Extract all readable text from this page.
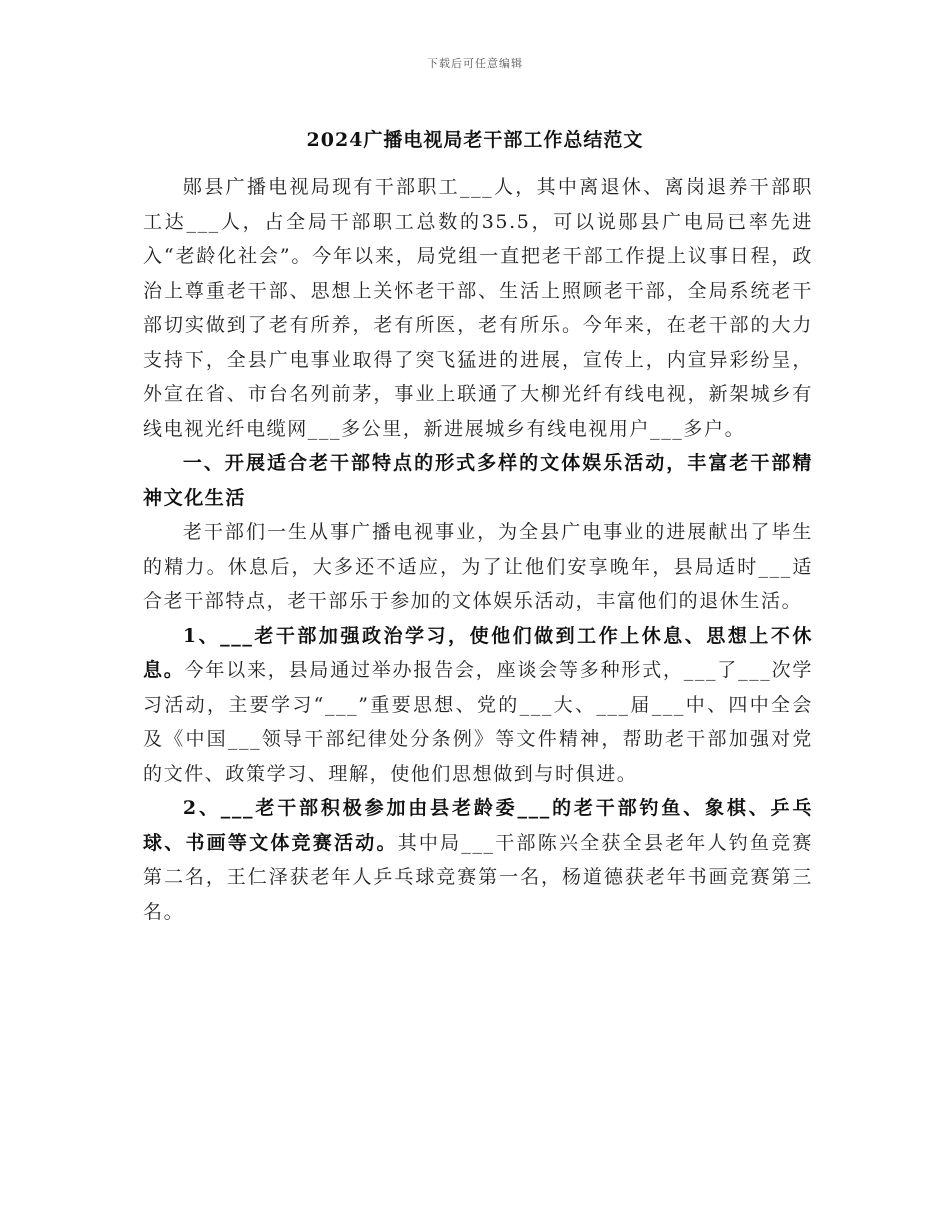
下载后可任意编辑
2024广播电视局老干部工作总结范文

郧县广播电视局现有干部职工___人，其中离退休、离岗退养干部职工达___人，占全局干部职工总数的35.5，可以说郧县广电局已率先进入“老龄化社会”。今年以来，局党组一直把老干部工作提上议事日程，政治上尊重老干部、思想上关怀老干部、生活上照顾老干部，全局系统老干部切实做到了老有所养，老有所医，老有所乐。今年来，在老干部的大力支持下，全县广电事业取得了突飞猛进的进展，宣传上，内宣异彩纷呈，外宣在省、市台名列前茅，事业上联通了大柳光纤有线电视，新架城乡有线电视光纤电缆网___多公里，新进展城乡有线电视用户___多户。

一、开展适合老干部特点的形式多样的文体娱乐活动，丰富老干部精神文化生活

老干部们一生从事广播电视事业，为全县广电事业的进展献出了毕生的精力。休息后，大多还不适应，为了让他们安享晚年，县局适时___适合老干部特点，老干部乐于参加的文体娱乐活动，丰富他们的退休生活。

1、___老干部加强政治学习，使他们做到工作上休息、思想上不休息。今年以来，县局通过举办报告会，座谈会等多种形式，___了___次学习活动，主要学习“___”重要思想、党的___大、___届___中、四中全会及《中国___领导干部纪律处分条例》等文件精神，帮助老干部加强对党的文件、政策学习、理解，使他们思想做到与时俱进。

2、___老干部积极参加由县老龄委___的老干部钓鱼、象棋、乒乓球、书画等文体竞赛活动。其中局___干部陈兴全获全县老年人钓鱼竞赛第二名，王仁泽获老年人乒乓球竞赛第一名，杨道德获老年书画竞赛第三名。
